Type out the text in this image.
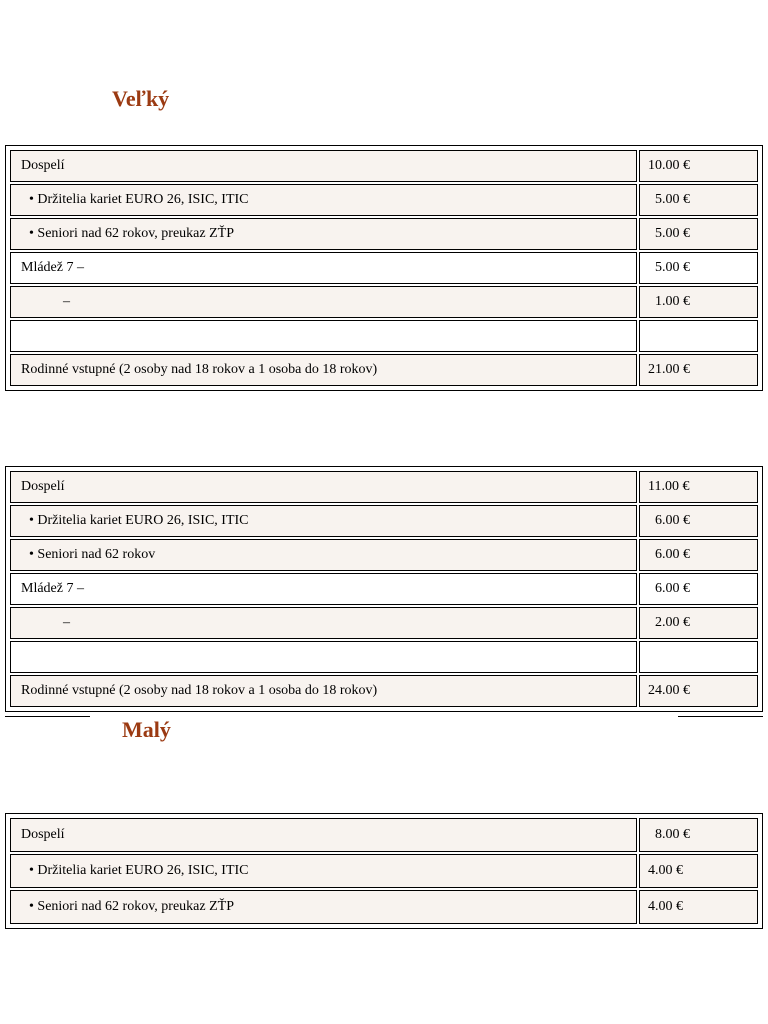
Veľký
Dospelí	10.00 €
• Držitelia kariet EURO 26, ISIC, ITIC	5.00 €
• Seniori nad 62 rokov, preukaz ZŤP	5.00 €
Mládež 7 –	5.00 €
–	1.00 €

Rodinné vstupné (2 osoby nad 18 rokov a 1 osoba do 18 rokov)	21.00 €
Dospelí	11.00 €
• Držitelia kariet EURO 26, ISIC, ITIC	6.00 €
• Seniori nad 62 rokov	6.00 €
Mládež 7 –	6.00 €
–	2.00 €

Rodinné vstupné (2 osoby nad 18 rokov a 1 osoba do 18 rokov)	24.00 €
Malý
Dospelí	8.00 €
• Držitelia kariet EURO 26, ISIC, ITIC	4.00 €
• Seniori nad 62 rokov, preukaz ZŤP	4.00 €
